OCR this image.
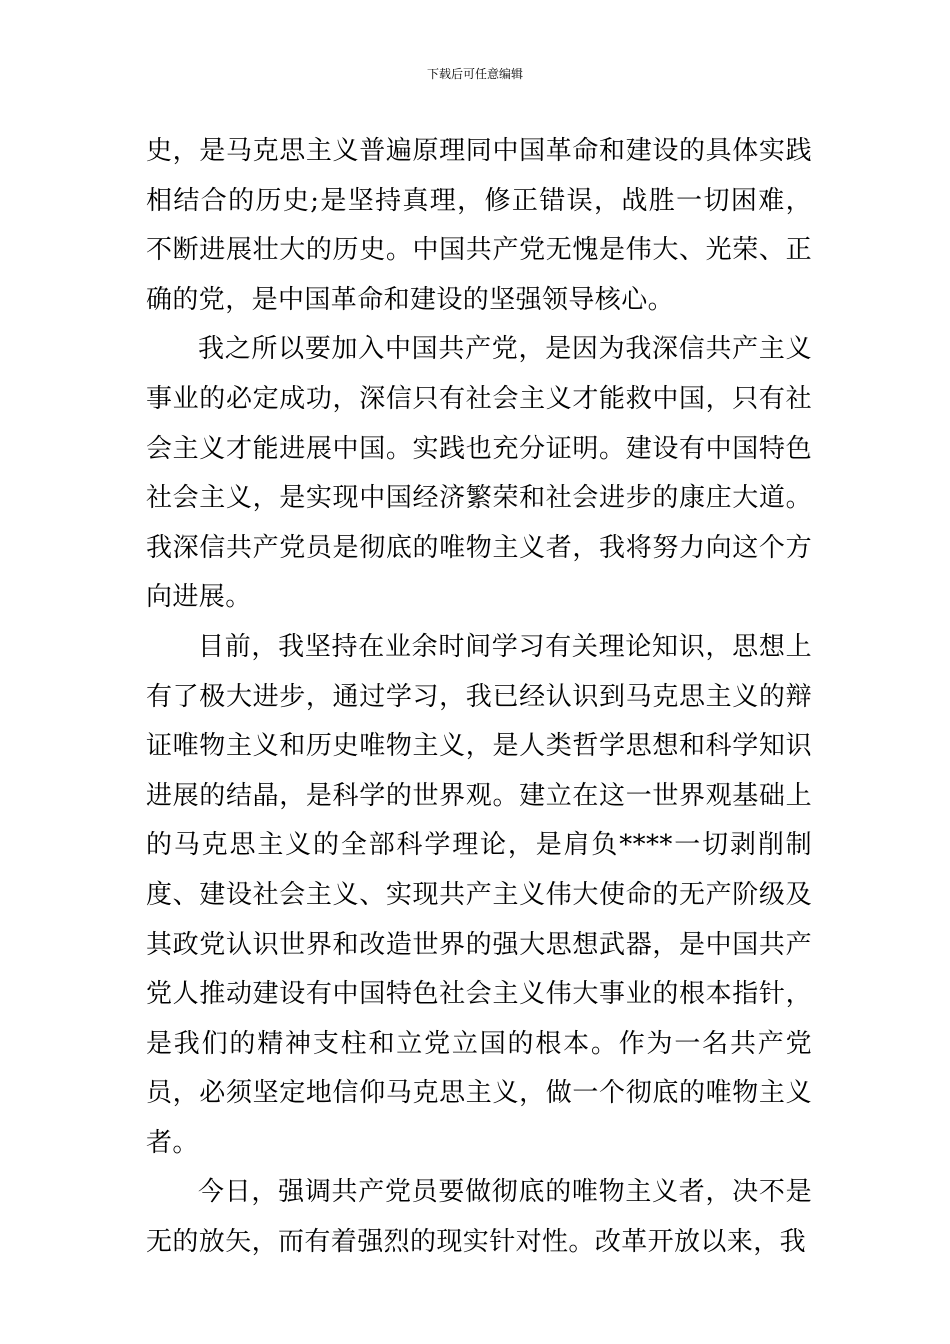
下载后可任意编辑

史，是马克思主义普遍原理同中国革命和建设的具体实践相结合的历史;是坚持真理，修正错误，战胜一切困难，不断进展壮大的历史。中国共产党无愧是伟大、光荣、正确的党，是中国革命和建设的坚强领导核心。

我之所以要加入中国共产党，是因为我深信共产主义事业的必定成功，深信只有社会主义才能救中国，只有社会主义才能进展中国。实践也充分证明。建设有中国特色社会主义，是实现中国经济繁荣和社会进步的康庄大道。我深信共产党员是彻底的唯物主义者，我将努力向这个方向进展。

目前，我坚持在业余时间学习有关理论知识，思想上有了极大进步，通过学习，我已经认识到马克思主义的辩证唯物主义和历史唯物主义，是人类哲学思想和科学知识进展的结晶，是科学的世界观。建立在这一世界观基础上的马克思主义的全部科学理论，是肩负****一切剥削制度、建设社会主义、实现共产主义伟大使命的无产阶级及其政党认识世界和改造世界的强大思想武器，是中国共产党人推动建设有中国特色社会主义伟大事业的根本指针，是我们的精神支柱和立党立国的根本。作为一名共产党员，必须坚定地信仰马克思主义，做一个彻底的唯物主义者。

今日，强调共产党员要做彻底的唯物主义者，决不是无的放矢，而有着强烈的现实针对性。改革开放以来，我
